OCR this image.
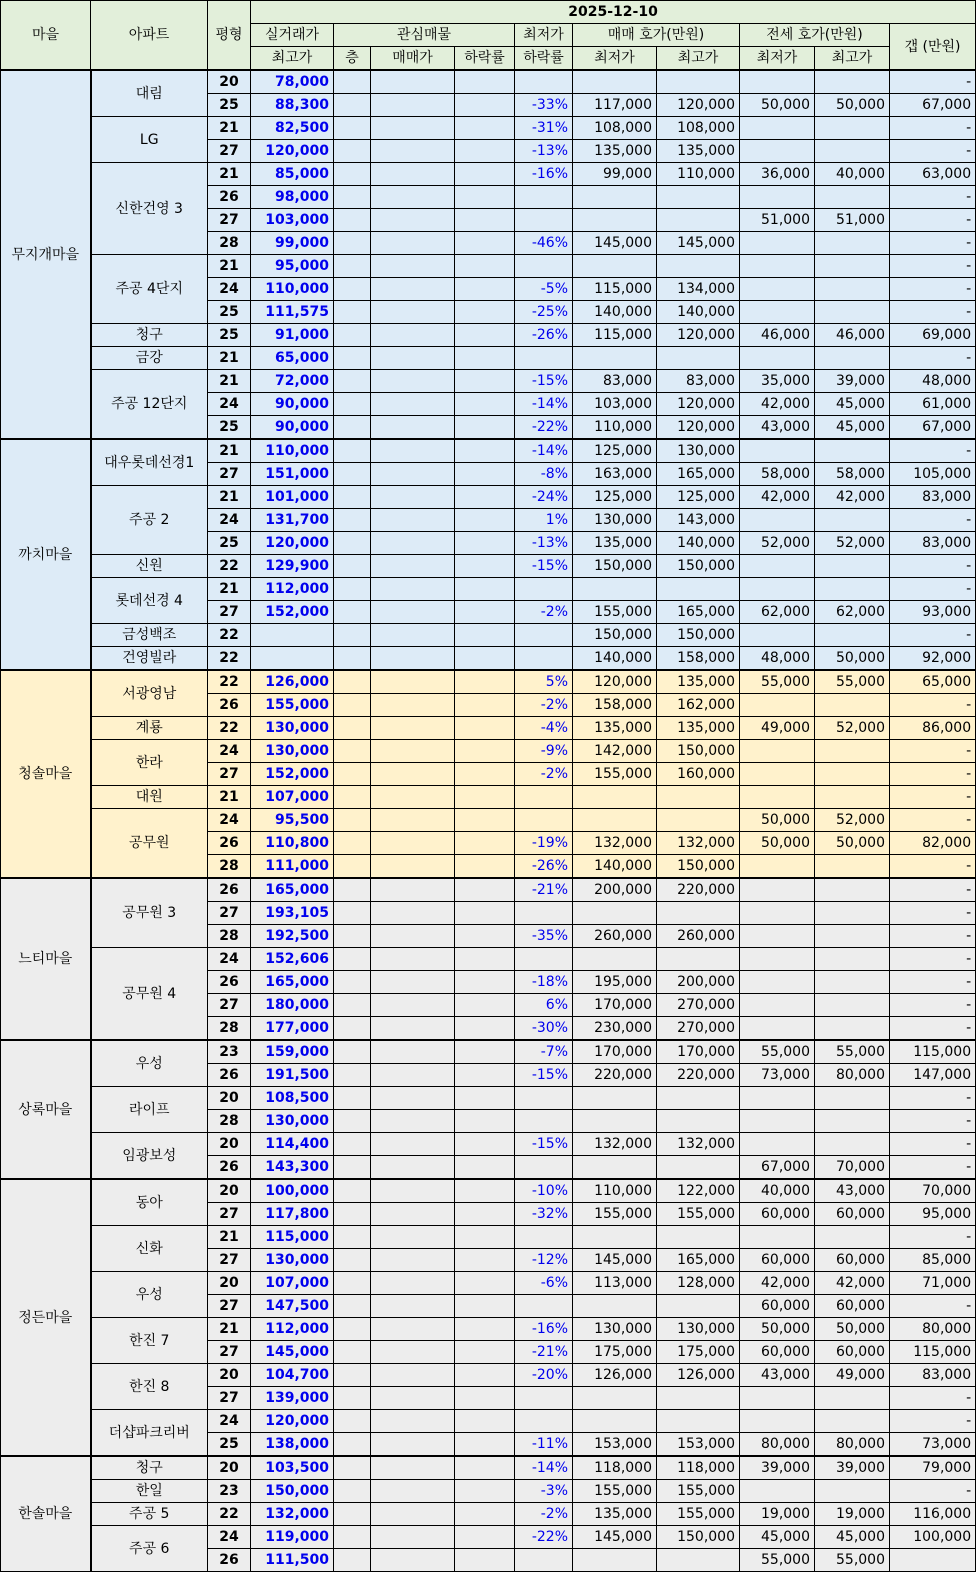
마을	아파트	평형	2025-12-10									
			실거래가	관심매물			최저가	매매 호가(만원)		전세 호가(만원)		갭 (만원)
			최고가	층	매매가	하락률	하락률	최저가	최고가	최저가	최고가	
무지개마을	대림	20	78,000									-
		25	88,300				-33%	117,000	120,000	50,000	50,000	67,000
	LG	21	82,500				-31%	108,000	108,000			-
		27	120,000				-13%	135,000	135,000			-
	신한건영 3	21	85,000				-16%	99,000	110,000	36,000	40,000	63,000
		26	98,000									-
		27	103,000							51,000	51,000	-
		28	99,000				-46%	145,000	145,000			-
	주공 4단지	21	95,000									-
		24	110,000				-5%	115,000	134,000			-
		25	111,575				-25%	140,000	140,000			-
	청구	25	91,000				-26%	115,000	120,000	46,000	46,000	69,000
	금강	21	65,000									-
	주공 12단지	21	72,000				-15%	83,000	83,000	35,000	39,000	48,000
		24	90,000				-14%	103,000	120,000	42,000	45,000	61,000
		25	90,000				-22%	110,000	120,000	43,000	45,000	67,000
까치마을	대우롯데선경1	21	110,000				-14%	125,000	130,000			-
		27	151,000				-8%	163,000	165,000	58,000	58,000	105,000
	주공 2	21	101,000				-24%	125,000	125,000	42,000	42,000	83,000
		24	131,700				1%	130,000	143,000			-
		25	120,000				-13%	135,000	140,000	52,000	52,000	83,000
	신원	22	129,900				-15%	150,000	150,000			-
	롯데선경 4	21	112,000									-
		27	152,000				-2%	155,000	165,000	62,000	62,000	93,000
	금성백조	22						150,000	150,000			-
	건영빌라	22						140,000	158,000	48,000	50,000	92,000
청솔마을	서광영남	22	126,000				5%	120,000	135,000	55,000	55,000	65,000
		26	155,000				-2%	158,000	162,000			-
	계룡	22	130,000				-4%	135,000	135,000	49,000	52,000	86,000
	한라	24	130,000				-9%	142,000	150,000			-
		27	152,000				-2%	155,000	160,000			-
	대원	21	107,000									-
	공무원	24	95,500							50,000	52,000	-
		26	110,800				-19%	132,000	132,000	50,000	50,000	82,000
		28	111,000				-26%	140,000	150,000			-
느티마을	공무원 3	26	165,000				-21%	200,000	220,000			-
		27	193,105									-
		28	192,500				-35%	260,000	260,000			-
	공무원 4	24	152,606									-
		26	165,000				-18%	195,000	200,000			-
		27	180,000				6%	170,000	270,000			-
		28	177,000				-30%	230,000	270,000			-
상록마을	우성	23	159,000				-7%	170,000	170,000	55,000	55,000	115,000
		26	191,500				-15%	220,000	220,000	73,000	80,000	147,000
	라이프	20	108,500									-
		28	130,000									-
	임광보성	20	114,400				-15%	132,000	132,000			-
		26	143,300							67,000	70,000	-
정든마을	동아	20	100,000				-10%	110,000	122,000	40,000	43,000	70,000
		27	117,800				-32%	155,000	155,000	60,000	60,000	95,000
	신화	21	115,000									-
		27	130,000				-12%	145,000	165,000	60,000	60,000	85,000
	우성	20	107,000				-6%	113,000	128,000	42,000	42,000	71,000
		27	147,500							60,000	60,000	-
	한진 7	21	112,000				-16%	130,000	130,000	50,000	50,000	80,000
		27	145,000				-21%	175,000	175,000	60,000	60,000	115,000
	한진 8	20	104,700				-20%	126,000	126,000	43,000	49,000	83,000
		27	139,000									-
	더샵파크리버	24	120,000									-
		25	138,000				-11%	153,000	153,000	80,000	80,000	73,000
한솔마을	청구	20	103,500				-14%	118,000	118,000	39,000	39,000	79,000
	한일	23	150,000				-3%	155,000	155,000			-
	주공 5	22	132,000				-2%	135,000	155,000	19,000	19,000	116,000
	주공 6	24	119,000				-22%	145,000	150,000	45,000	45,000	100,000
		26	111,500							55,000	55,000	
